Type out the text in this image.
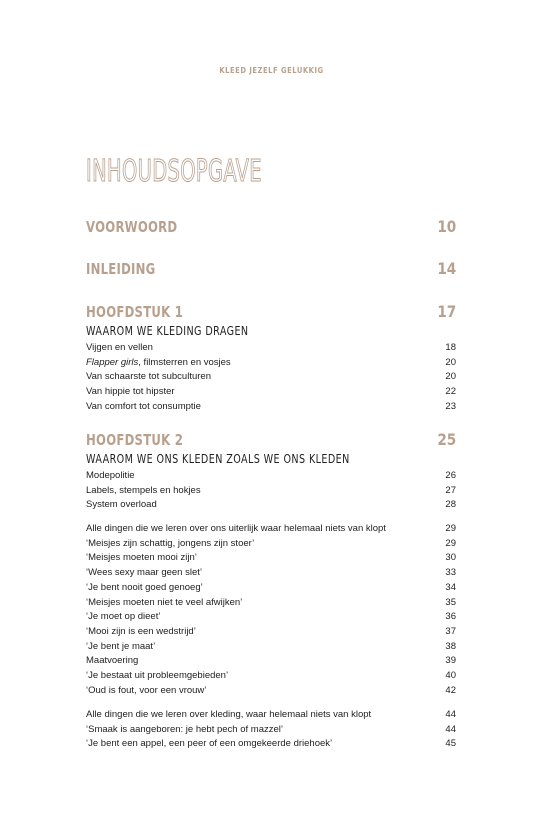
KLEED JEZELF GELUKKIG
INHOUDSOPGAVE
VOORWOORD	10
INLEIDING	14
HOOFDSTUK 1	17
WAAROM WE KLEDING DRAGEN
Vijgen en vellen	18
Flapper girls, filmsterren en vosjes	20
Van schaarste tot subculturen	20
Van hippie tot hipster	22
Van comfort tot consumptie	23
HOOFDSTUK 2	25
WAAROM WE ONS KLEDEN ZOALS WE ONS KLEDEN
Modepolitie	26
Labels, stempels en hokjes	27
System overload	28
Alle dingen die we leren over ons uiterlijk waar helemaal niets van klopt	29
‘Meisjes zijn schattig, jongens zijn stoer’	29
‘Meisjes moeten mooi zijn’	30
‘Wees sexy maar geen slet’	33
‘Je bent nooit goed genoeg’	34
‘Meisjes moeten niet te veel afwijken’	35
‘Je moet op dieet’	36
‘Mooi zijn is een wedstrijd’	37
‘Je bent je maat’	38
Maatvoering	39
‘Je bestaat uit probleemgebieden’	40
‘Oud is fout, voor een vrouw’	42
Alle dingen die we leren over kleding, waar helemaal niets van klopt	44
‘Smaak is aangeboren: je hebt pech of mazzel’	44
‘Je bent een appel, een peer of een omgekeerde driehoek’	45
